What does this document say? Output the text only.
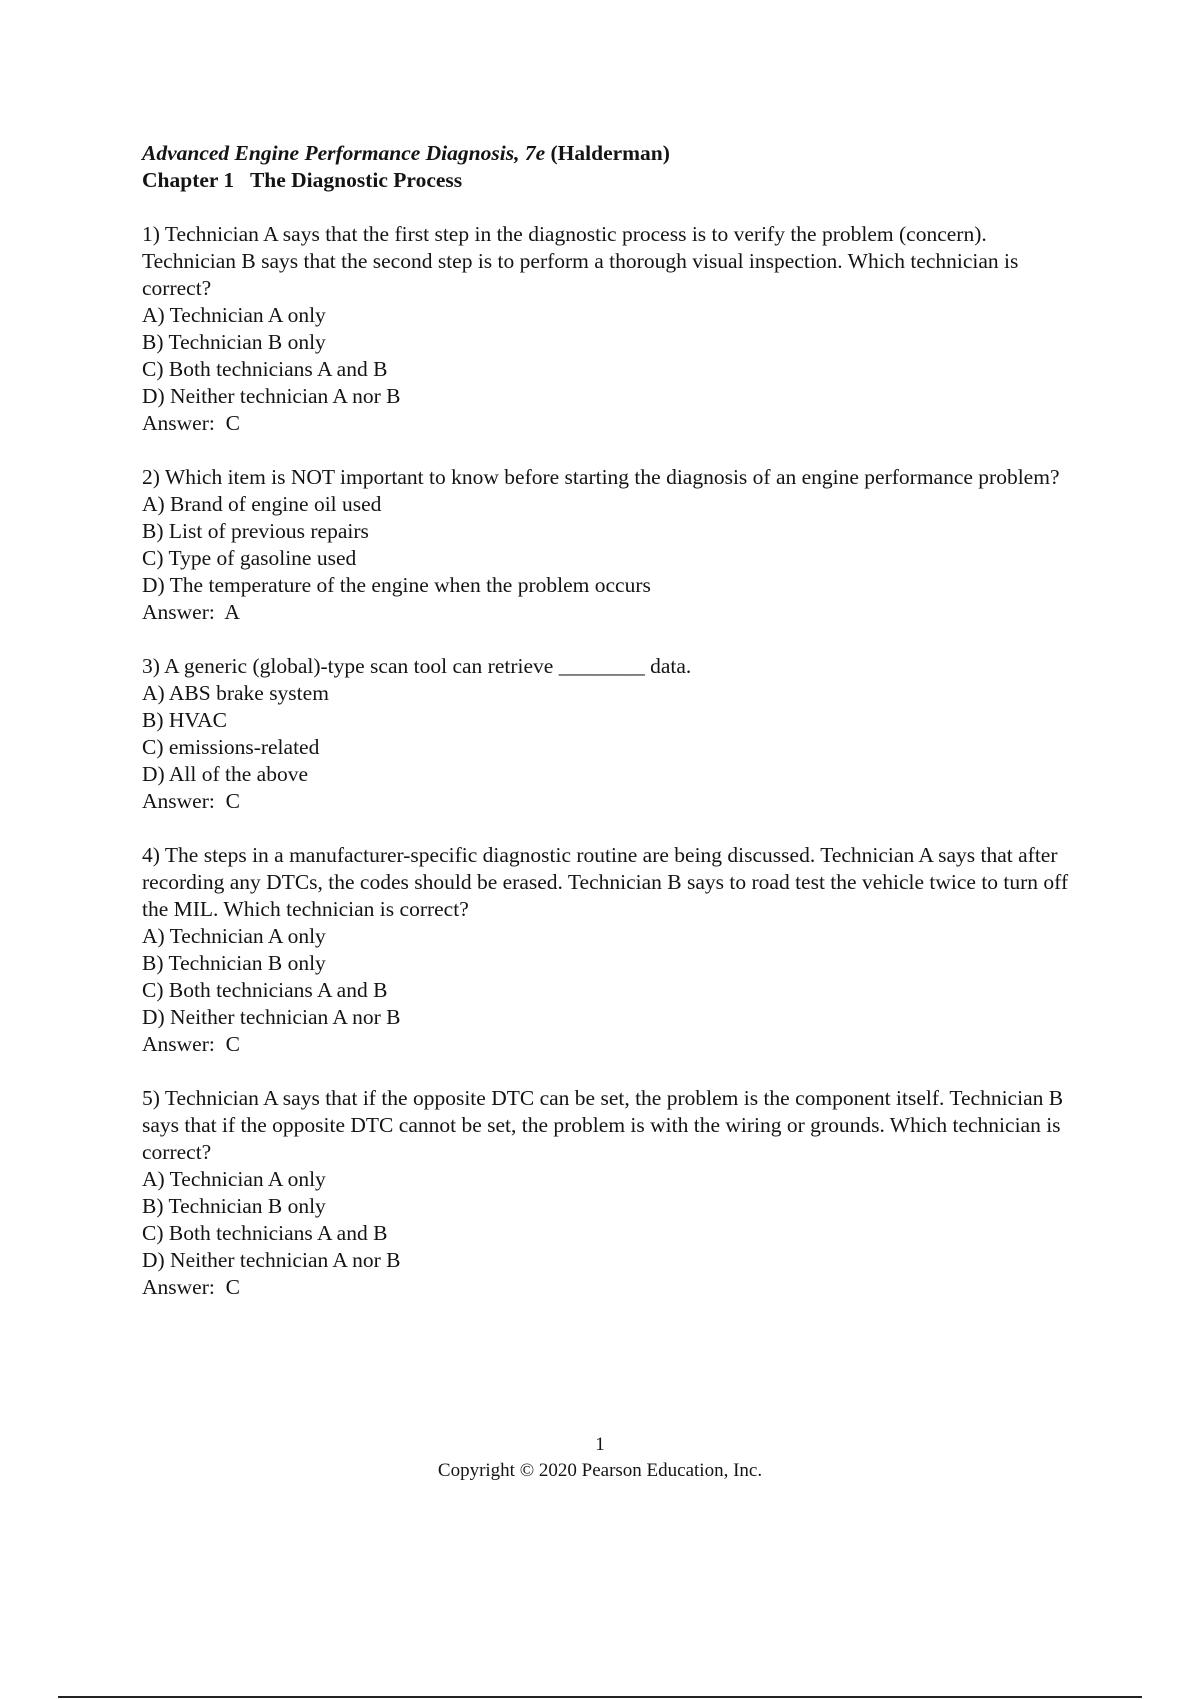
Advanced Engine Performance Diagnosis, 7e (Halderman)

Chapter 1 The Diagnostic Process

1) Technician A says that the first step in the diagnostic process is to verify the problem (concern). Technician B says that the second step is to perform a thorough visual inspection. Which technician is correct?

A) Technician A only
B) Technician B only
C) Both technicians A and B
D) Neither technician A nor B

Answer:  C

2) Which item is NOT important to know before starting the diagnosis of an engine performance problem?

A) Brand of engine oil used
B) List of previous repairs
C) Type of gasoline used
D) The temperature of the engine when the problem occurs

Answer:  A

3) A generic (global)-type scan tool can retrieve ________ data.

A) ABS brake system
B) HVAC
C) emissions-related
D) All of the above

Answer:  C

4) The steps in a manufacturer-specific diagnostic routine are being discussed. Technician A says that after recording any DTCs, the codes should be erased. Technician B says to road test the vehicle twice to turn off the MIL. Which technician is correct?

A) Technician A only
B) Technician B only
C) Both technicians A and B
D) Neither technician A nor B

Answer:  C

5) Technician A says that if the opposite DTC can be set, the problem is the component itself. Technician B says that if the opposite DTC cannot be set, the problem is with the wiring or grounds. Which technician is correct?

A) Technician A only
B) Technician B only
C) Both technicians A and B
D) Neither technician A nor B

Answer:  C

1
Copyright © 2020 Pearson Education, Inc.
